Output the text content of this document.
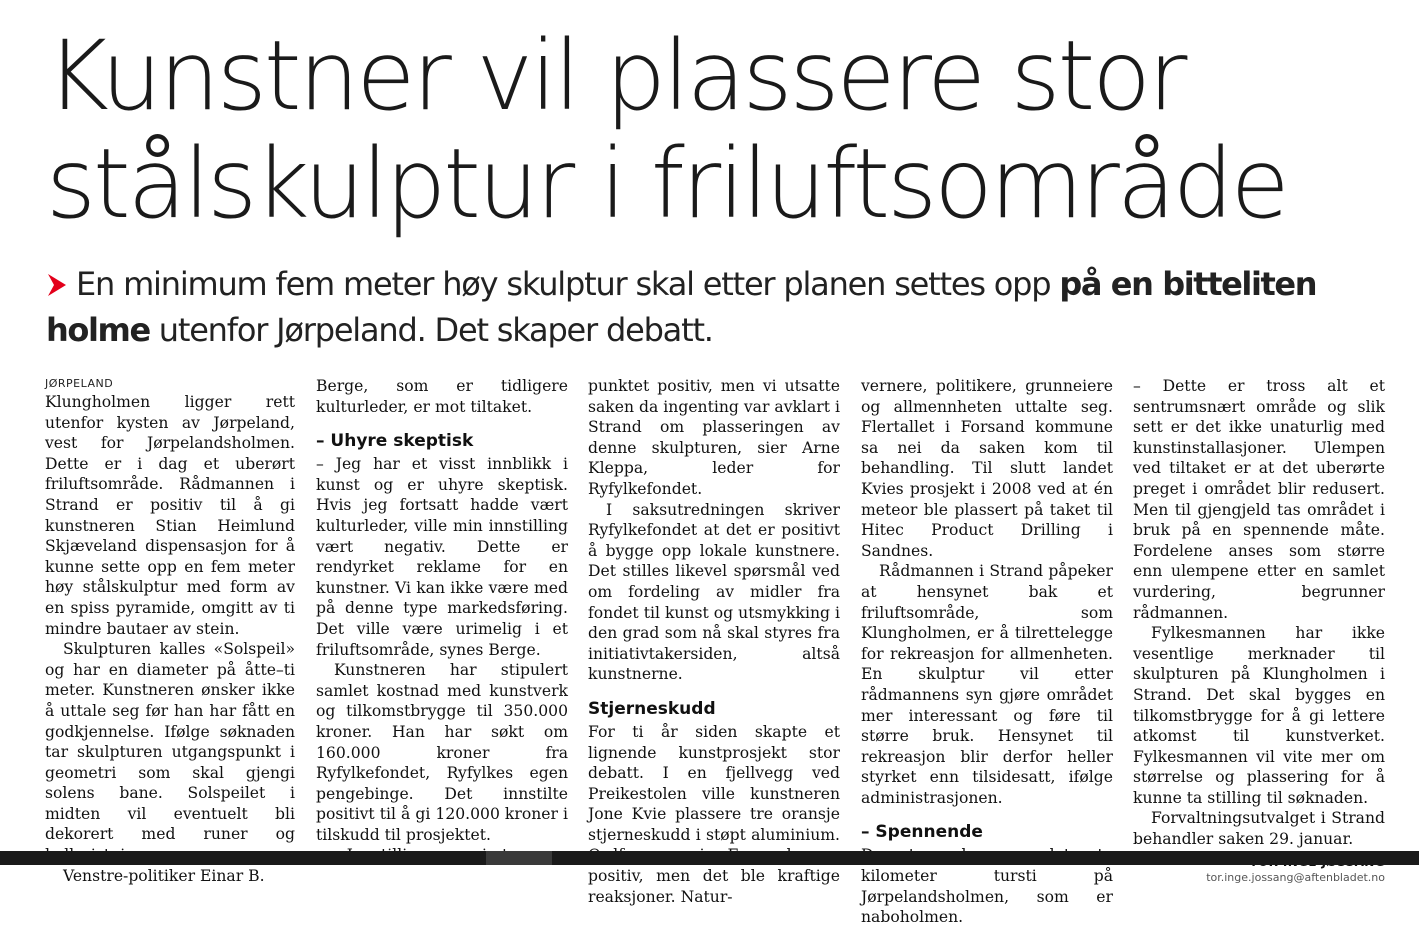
Kunstner vil plassere stor
stålskulptur i friluftsområde

En minimum fem meter høy skulptur skal etter planen settes opp på en bitteliten holme utenfor Jørpeland. Det skaper debatt.

JØRPELAND

Klungholmen ligger rett utenfor kysten av Jørpeland, vest for Jørpelandsholmen. Dette er i dag et uberørt friluftsområde. Rådmannen i Strand er positiv til å gi kunstneren Stian Heimlund Skjæveland dispensasjon for å kunne sette opp en fem meter høy stålskulptur med form av en spiss pyramide, omgitt av ti mindre bautaer av stein.

Skulpturen kalles «Solspeil» og har en diameter på åtte–ti meter. Kunstneren ønsker ikke å uttale seg før han har fått en godkjennelse. Ifølge søknaden tar skulpturen utgangspunkt i geometri som skal gjengi solens bane. Solspeilet i midten vil eventuelt bli dekorert med runer og

Venstre-politiker Einar B.

Berge, som er tidligere kulturleder, er mot tiltaket.

– Uhyre skeptisk

– Jeg har et visst innblikk i kunst og er uhyre skeptisk. Hvis jeg fortsatt hadde vært kulturleder, ville min innstilling vært negativ. Dette er rendyrket reklame for en kunstner. Vi kan ikke være med på denne type markedsføring. Det ville være urimelig i et friluftsområde, synes Berge.

Kunstneren har stipulert samlet kostnad med kunstverk og tilkomstbrygge til 350.000 kroner. Han har søkt om 160.000 kroner fra Ryfylkefondet, Ryfylkes egen pengebinge. Det innstilte positivt til å gi 120.000 kroner i tilskudd til prosjektet.

punktet positiv, men vi utsatte saken da ingenting var avklart i Strand om plasseringen av denne skulpturen, sier Arne Kleppa, leder for Ryfylkefondet.

I saksutredningen skriver Ryfylkefondet at det er positivt å bygge opp lokale kunstnere. Det stilles likevel spørsmål ved om fordeling av midler fra fondet til kunst og utsmykking i den grad som nå skal styres fra initiativtakersiden, altså kunstnerne.

Stjerneskudd

For ti år siden skapte et lignende kunstprosjekt stor debatt. I en fjellvegg ved Preikestolen ville kunstneren Jone Kvie plassere tre oransje stjerneskudd i støpt aluminium. positiv, men det ble kraftige reaksjoner. Natur-

vernere, politikere, grunneiere og allmennheten uttalte seg. Flertallet i Forsand kommune sa nei da saken kom til behandling. Til slutt landet Kvies prosjekt i 2008 ved at én meteor ble plassert på taket til Hitec Product Drilling i Sandnes.

Rådmannen i Strand påpeker at hensynet bak et friluftsområde, som Klungholmen, er å tilrettelegge for rekreasjon for allmenheten. En skulptur vil etter rådmannens syn gjøre området mer interessant og føre til større bruk. Hensynet til rekreasjon blir derfor heller styrket enn tilsidesatt, ifølge administrasjonen.

– Spennende

kilometer tursti på Jørpelandsholmen, som er naboholmen.

– Dette er tross alt et sentrumsnært område og slik sett er det ikke unaturlig med kunstinstallasjoner. Ulempen ved tiltaket er at det uberørte preget i området blir redusert. Men til gjengjeld tas området i bruk på en spennende måte. Fordelene anses som større enn ulempene etter en samlet vurdering, begrunner rådmannen.

Fylkesmannen har ikke vesentlige merknader til skulpturen på Klungholmen i Strand. Det skal bygges en tilkomstbrygge for å gi lettere atkomst til kunstverket. Fylkesmannen vil vite mer om størrelse og plassering for å kunne ta stilling til søknaden.

Forvaltningsutvalget i Strand behandler saken 29. januar.

tor.inge.jossang@aftenbladet.no
